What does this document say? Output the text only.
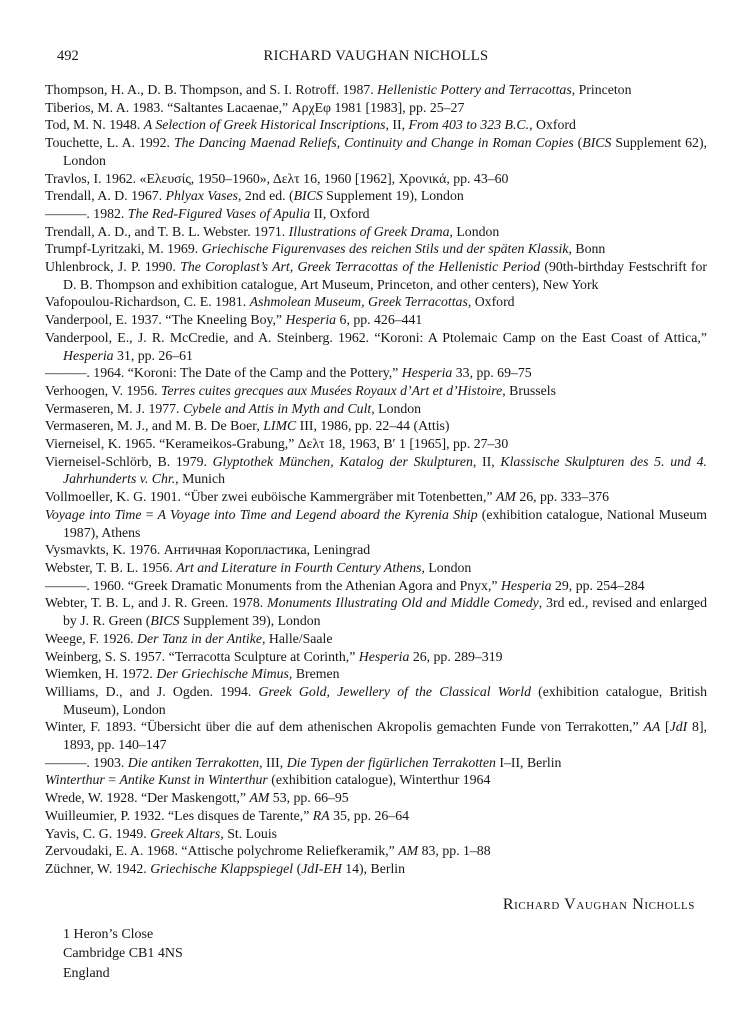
492	RICHARD VAUGHAN NICHOLLS

Thompson, H. A., D. B. Thompson, and S. I. Rotroff. 1987. Hellenistic Pottery and Terracottas, Princeton

Tiberios, M. A. 1983. “Saltantes Lacaenae,” ΑρχΕφ 1981 [1983], pp. 25–27

Tod, M. N. 1948. A Selection of Greek Historical Inscriptions, II, From 403 to 323 B.C., Oxford

Touchette, L. A. 1992. The Dancing Maenad Reliefs, Continuity and Change in Roman Copies (BICS Supplement 62), London

Travlos, I. 1962. «Ελευσίς, 1950–1960», Δελτ 16, 1960 [1962], Χρονικά, pp. 43–60

Trendall, A. D. 1967. Phlyax Vases, 2nd ed. (BICS Supplement 19), London

———. 1982. The Red-Figured Vases of Apulia II, Oxford

Trendall, A. D., and T. B. L. Webster. 1971. Illustrations of Greek Drama, London

Trumpf-Lyritzaki, M. 1969. Griechische Figurenvases des reichen Stils und der späten Klassik, Bonn

Uhlenbrock, J. P. 1990. The Coroplast’s Art, Greek Terracottas of the Hellenistic Period (90th-birthday Festschrift for D. B. Thompson and exhibition catalogue, Art Museum, Princeton, and other centers), New York

Vafopoulou-Richardson, C. E. 1981. Ashmolean Museum, Greek Terracottas, Oxford

Vanderpool, E. 1937. “The Kneeling Boy,” Hesperia 6, pp. 426–441

Vanderpool, E., J. R. McCredie, and A. Steinberg. 1962. “Koroni: A Ptolemaic Camp on the East Coast of Attica,” Hesperia 31, pp. 26–61

———. 1964. “Koroni: The Date of the Camp and the Pottery,” Hesperia 33, pp. 69–75

Verhoogen, V. 1956. Terres cuites grecques aux Musées Royaux d’Art et d’Histoire, Brussels

Vermaseren, M. J. 1977. Cybele and Attis in Myth and Cult, London

Vermaseren, M. J., and M. B. De Boer, LIMC III, 1986, pp. 22–44 (Attis)

Vierneisel, K. 1965. “Kerameikos-Grabung,” Δελτ 18, 1963, Β′ 1 [1965], pp. 27–30

Vierneisel-Schlörb, B. 1979. Glyptothek München, Katalog der Skulpturen, II, Klassische Skulpturen des 5. und 4. Jahrhunderts v. Chr., Munich

Vollmoeller, K. G. 1901. “Über zwei euböische Kammergräber mit Totenbetten,” AM 26, pp. 333–376

Voyage into Time = A Voyage into Time and Legend aboard the Kyrenia Ship (exhibition catalogue, National Museum 1987), Athens

Vysmavkts, K. 1976. Античная Коропластика, Leningrad

Webster, T. B. L. 1956. Art and Literature in Fourth Century Athens, London

———. 1960. “Greek Dramatic Monuments from the Athenian Agora and Pnyx,” Hesperia 29, pp. 254–284

Webter, T. B. L, and J. R. Green. 1978. Monuments Illustrating Old and Middle Comedy, 3rd ed., revised and enlarged by J. R. Green (BICS Supplement 39), London

Weege, F. 1926. Der Tanz in der Antike, Halle/Saale

Weinberg, S. S. 1957. “Terracotta Sculpture at Corinth,” Hesperia 26, pp. 289–319

Wiemken, H. 1972. Der Griechische Mimus, Bremen

Williams, D., and J. Ogden. 1994. Greek Gold, Jewellery of the Classical World (exhibition catalogue, British Museum), London

Winter, F. 1893. “Übersicht über die auf dem athenischen Akropolis gemachten Funde von Terrakotten,” AA [JdI 8], 1893, pp. 140–147

———. 1903. Die antiken Terrakotten, III, Die Typen der figürlichen Terrakotten I–II, Berlin

Winterthur = Antike Kunst in Winterthur (exhibition catalogue), Winterthur 1964

Wrede, W. 1928. “Der Maskengott,” AM 53, pp. 66–95

Wuilleumier, P. 1932. “Les disques de Tarente,” RA 35, pp. 26–64

Yavis, C. G. 1949. Greek Altars, St. Louis

Zervoudaki, E. A. 1968. “Attische polychrome Reliefkeramik,” AM 83, pp. 1–88

Züchner, W. 1942. Griechische Klappspiegel (JdI-EH 14), Berlin

Richard Vaughan Nicholls
1 Heron’s Close
Cambridge CB1 4NS
England
